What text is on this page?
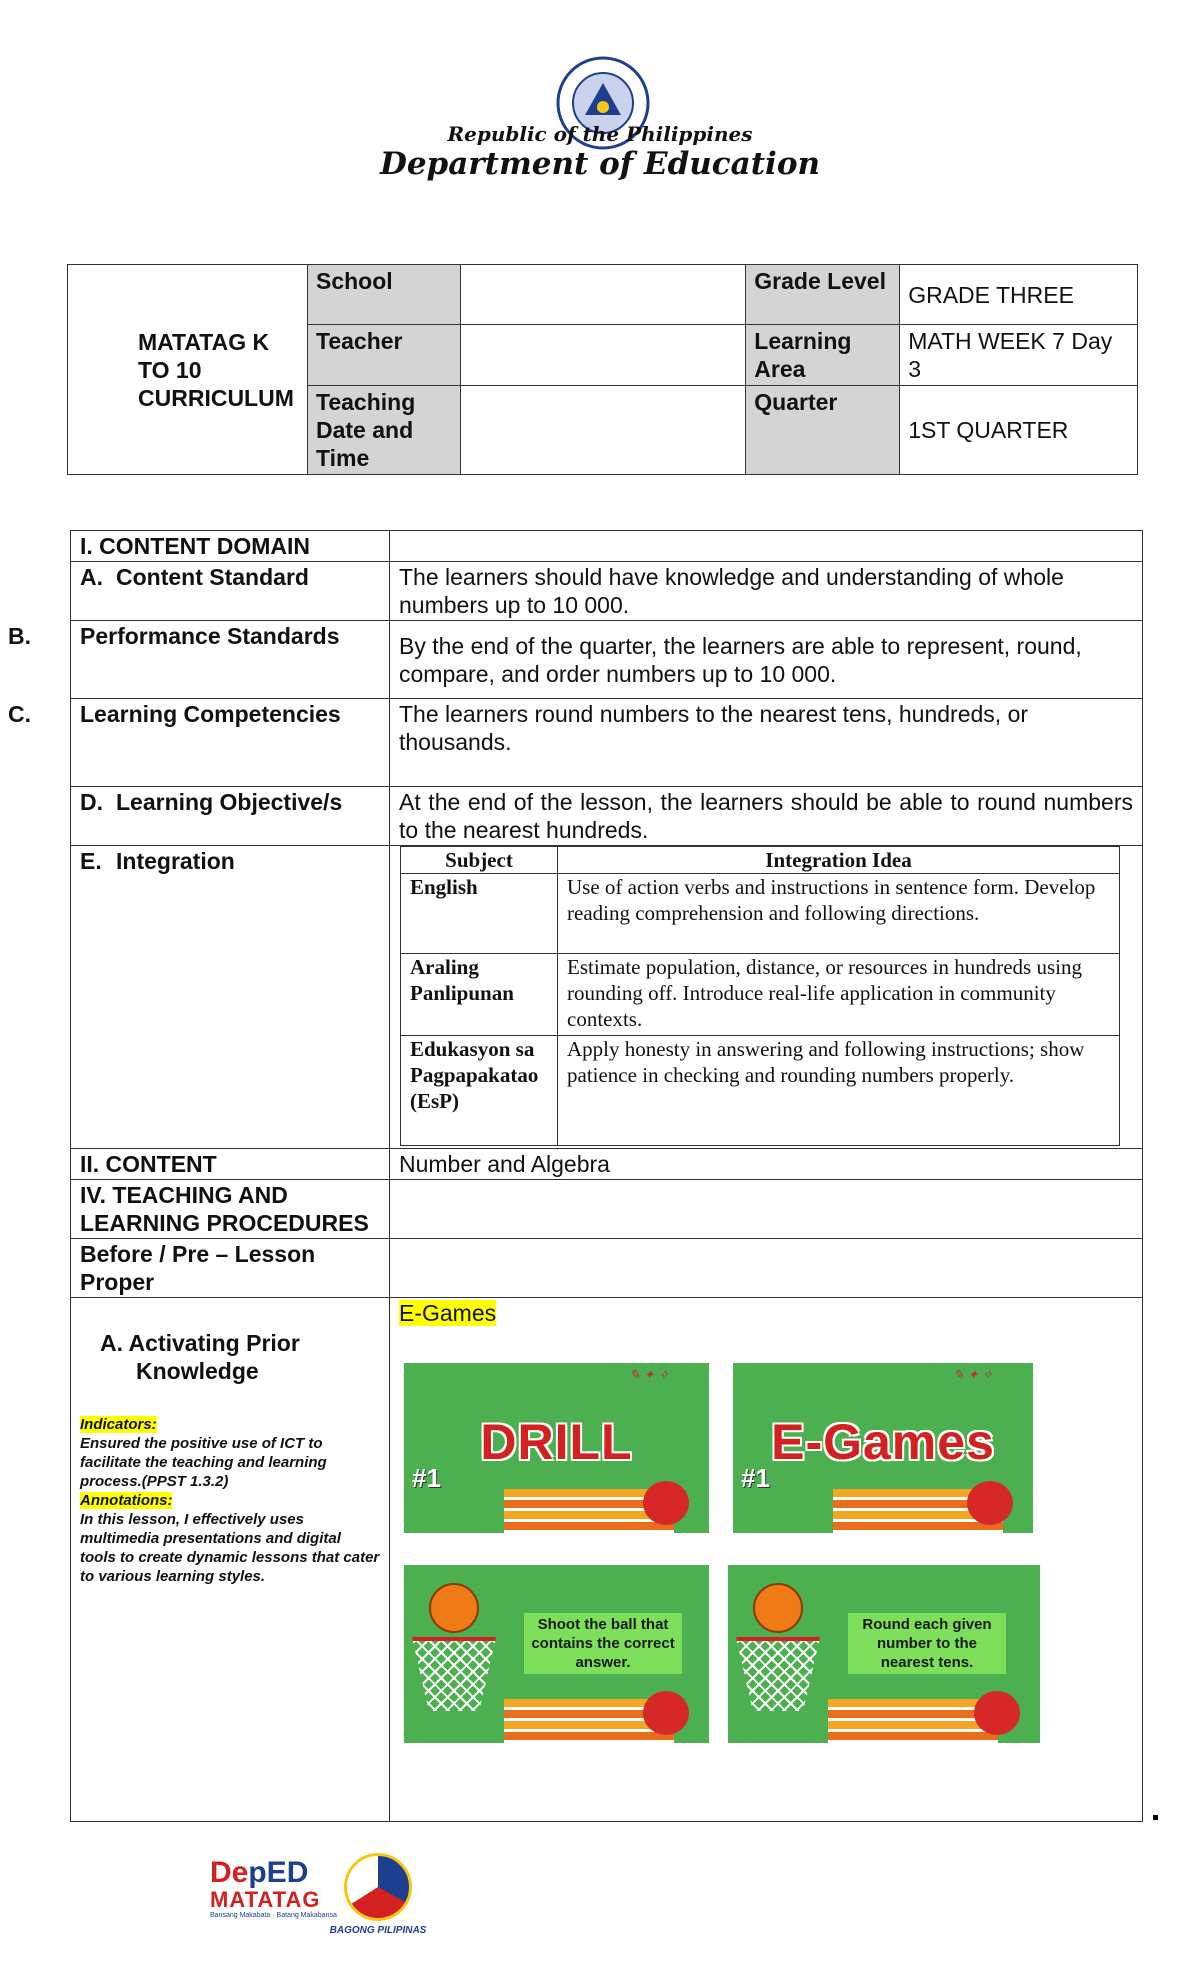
Republic of the Philippines
Department of Education
MATATAG K TO 10 CURRICULUM	School		Grade Level	GRADE THREE
	Teacher		Learning Area	MATH WEEK 7 Day 3
	Teaching Date and Time		Quarter	1ST QUARTER
I. CONTENT DOMAIN	
A. Content Standard	The learners should have knowledge and understanding of whole numbers up to 10 000.
B. Performance Standards	By the end of the quarter, the learners are able to represent, round, compare, and order numbers up to 10 000.
C. Learning Competencies	The learners round numbers to the nearest tens, hundreds, or thousands.
D. Learning Objective/s	At the end of the lesson, the learners should be able to round numbers to the nearest hundreds.
E. Integration		Subject	Integration Idea
English	Use of action verbs and instructions in sentence form. Develop reading comprehension and following directions.
Araling Panlipunan	Estimate population, distance, or resources in hundreds using rounding off. Introduce real-life application in community contexts.
Edukasyon sa Pagpapakatao (EsP)	Apply honesty in answering and following instructions; show patience in checking and rounding numbers properly.

II. CONTENT	Number and Algebra
IV. TEACHING AND LEARNING PROCEDURES	
Before / Pre – Lesson Proper	

A. Activating Prior Knowledge
Indicators:
Ensured the positive use of ICT to facilitate the teaching and learning process.(PPST 1.3.2)
Annotations:
In this lesson, I effectively uses multimedia presentations and digital tools to create dynamic lessons that cater to various learning styles.
	E-Games
✎ ✦ ✧
DRILL
#1
✎ ✦ ✧
E-Games
#1
Shoot the ball that contains the correct answer.
Round each given number to the nearest tens.
DepED
MATATAG
Bansang Makabata · Batang Makabansa
BAGONG PILIPINAS
